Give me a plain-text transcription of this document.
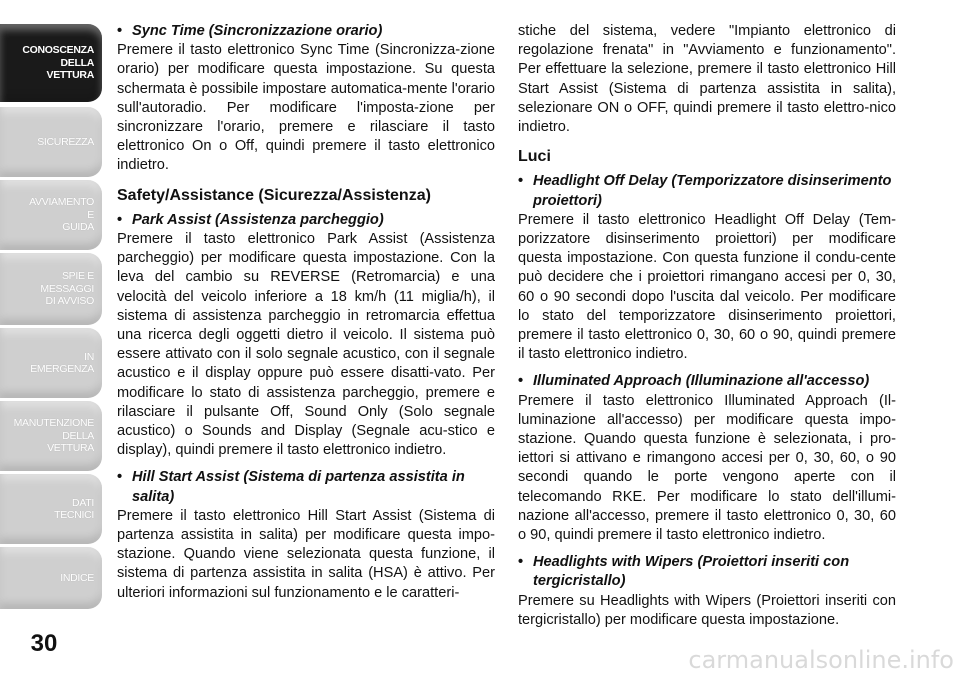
CONOSCENZA
DELLA
VETTURA
SICUREZZA
AVVIAMENTO
E
GUIDA
SPIE E
MESSAGGI
DI AVVISO
IN
EMERGENZA
MANUTENZIONE
DELLA
VETTURA
DATI
TECNICI
INDICE
30
• Sync Time (Sincronizzazione orario)

Premere il tasto elettronico Sync Time (Sincronizza-zione orario) per modificare questa impostazione. Su questa schermata è possibile impostare automatica-mente l'orario sull'autoradio. Per modificare l'imposta-zione per sincronizzare l'orario, premere e rilasciare il tasto elettronico On o Off, quindi premere il tasto elettronico indietro.

Safety/Assistance (Sicurezza/Assistenza)
• Park Assist (Assistenza parcheggio)

Premere il tasto elettronico Park Assist (Assistenza parcheggio) per modificare questa impostazione. Con la leva del cambio su REVERSE (Retromarcia) e una velocità del veicolo inferiore a 18 km/h (11 miglia/h), il sistema di assistenza parcheggio in retromarcia effettua una ricerca degli oggetti dietro il veicolo. Il sistema può essere attivato con il solo segnale acustico, con il segnale acustico e il display oppure può essere disatti-vato. Per modificare lo stato di assistenza parcheggio, premere e rilasciare il pulsante Off, Sound Only (Solo segnale acustico) o Sounds and Display (Segnale acu-stico e display), quindi premere il tasto elettronico indietro.

• Hill Start Assist (Sistema di partenza assistita in salita)

Premere il tasto elettronico Hill Start Assist (Sistema di partenza assistita in salita) per modificare questa impo-stazione. Quando viene selezionata questa funzione, il sistema di partenza assistita in salita (HSA) è attivo. Per ulteriori informazioni sul funzionamento e le caratteri-

stiche del sistema, vedere "Impianto elettronico di regolazione frenata" in "Avviamento e funzionamento". Per effettuare la selezione, premere il tasto elettronico Hill Start Assist (Sistema di partenza assistita in salita), selezionare ON o OFF, quindi premere il tasto elettro-nico indietro.

Luci
• Headlight Off Delay (Temporizzatore disinserimento proiettori)

Premere il tasto elettronico Headlight Off Delay (Tem-porizzatore disinserimento proiettori) per modificare questa impostazione. Con questa funzione il condu-cente può decidere che i proiettori rimangano accesi per 0, 30, 60 o 90 secondi dopo l'uscita dal veicolo. Per modificare lo stato del temporizzatore disinserimento proiettori, premere il tasto elettronico 0, 30, 60 o 90, quindi premere il tasto elettronico indietro.

• Illuminated Approach (Illuminazione all'accesso)

Premere il tasto elettronico Illuminated Approach (Il-luminazione all'accesso) per modificare questa impo-stazione. Quando questa funzione è selezionata, i pro-iettori si attivano e rimangono accesi per 0, 30, 60, o 90 secondi quando le porte vengono aperte con il telecomando RKE. Per modificare lo stato dell'illumi-nazione all'accesso, premere il tasto elettronico 0, 30, 60 o 90, quindi premere il tasto elettronico indietro.

• Headlights with Wipers (Proiettori inseriti con tergicristallo)

Premere su Headlights with Wipers (Proiettori inseriti con tergicristallo) per modificare questa impostazione.

carmanualsonline.info
